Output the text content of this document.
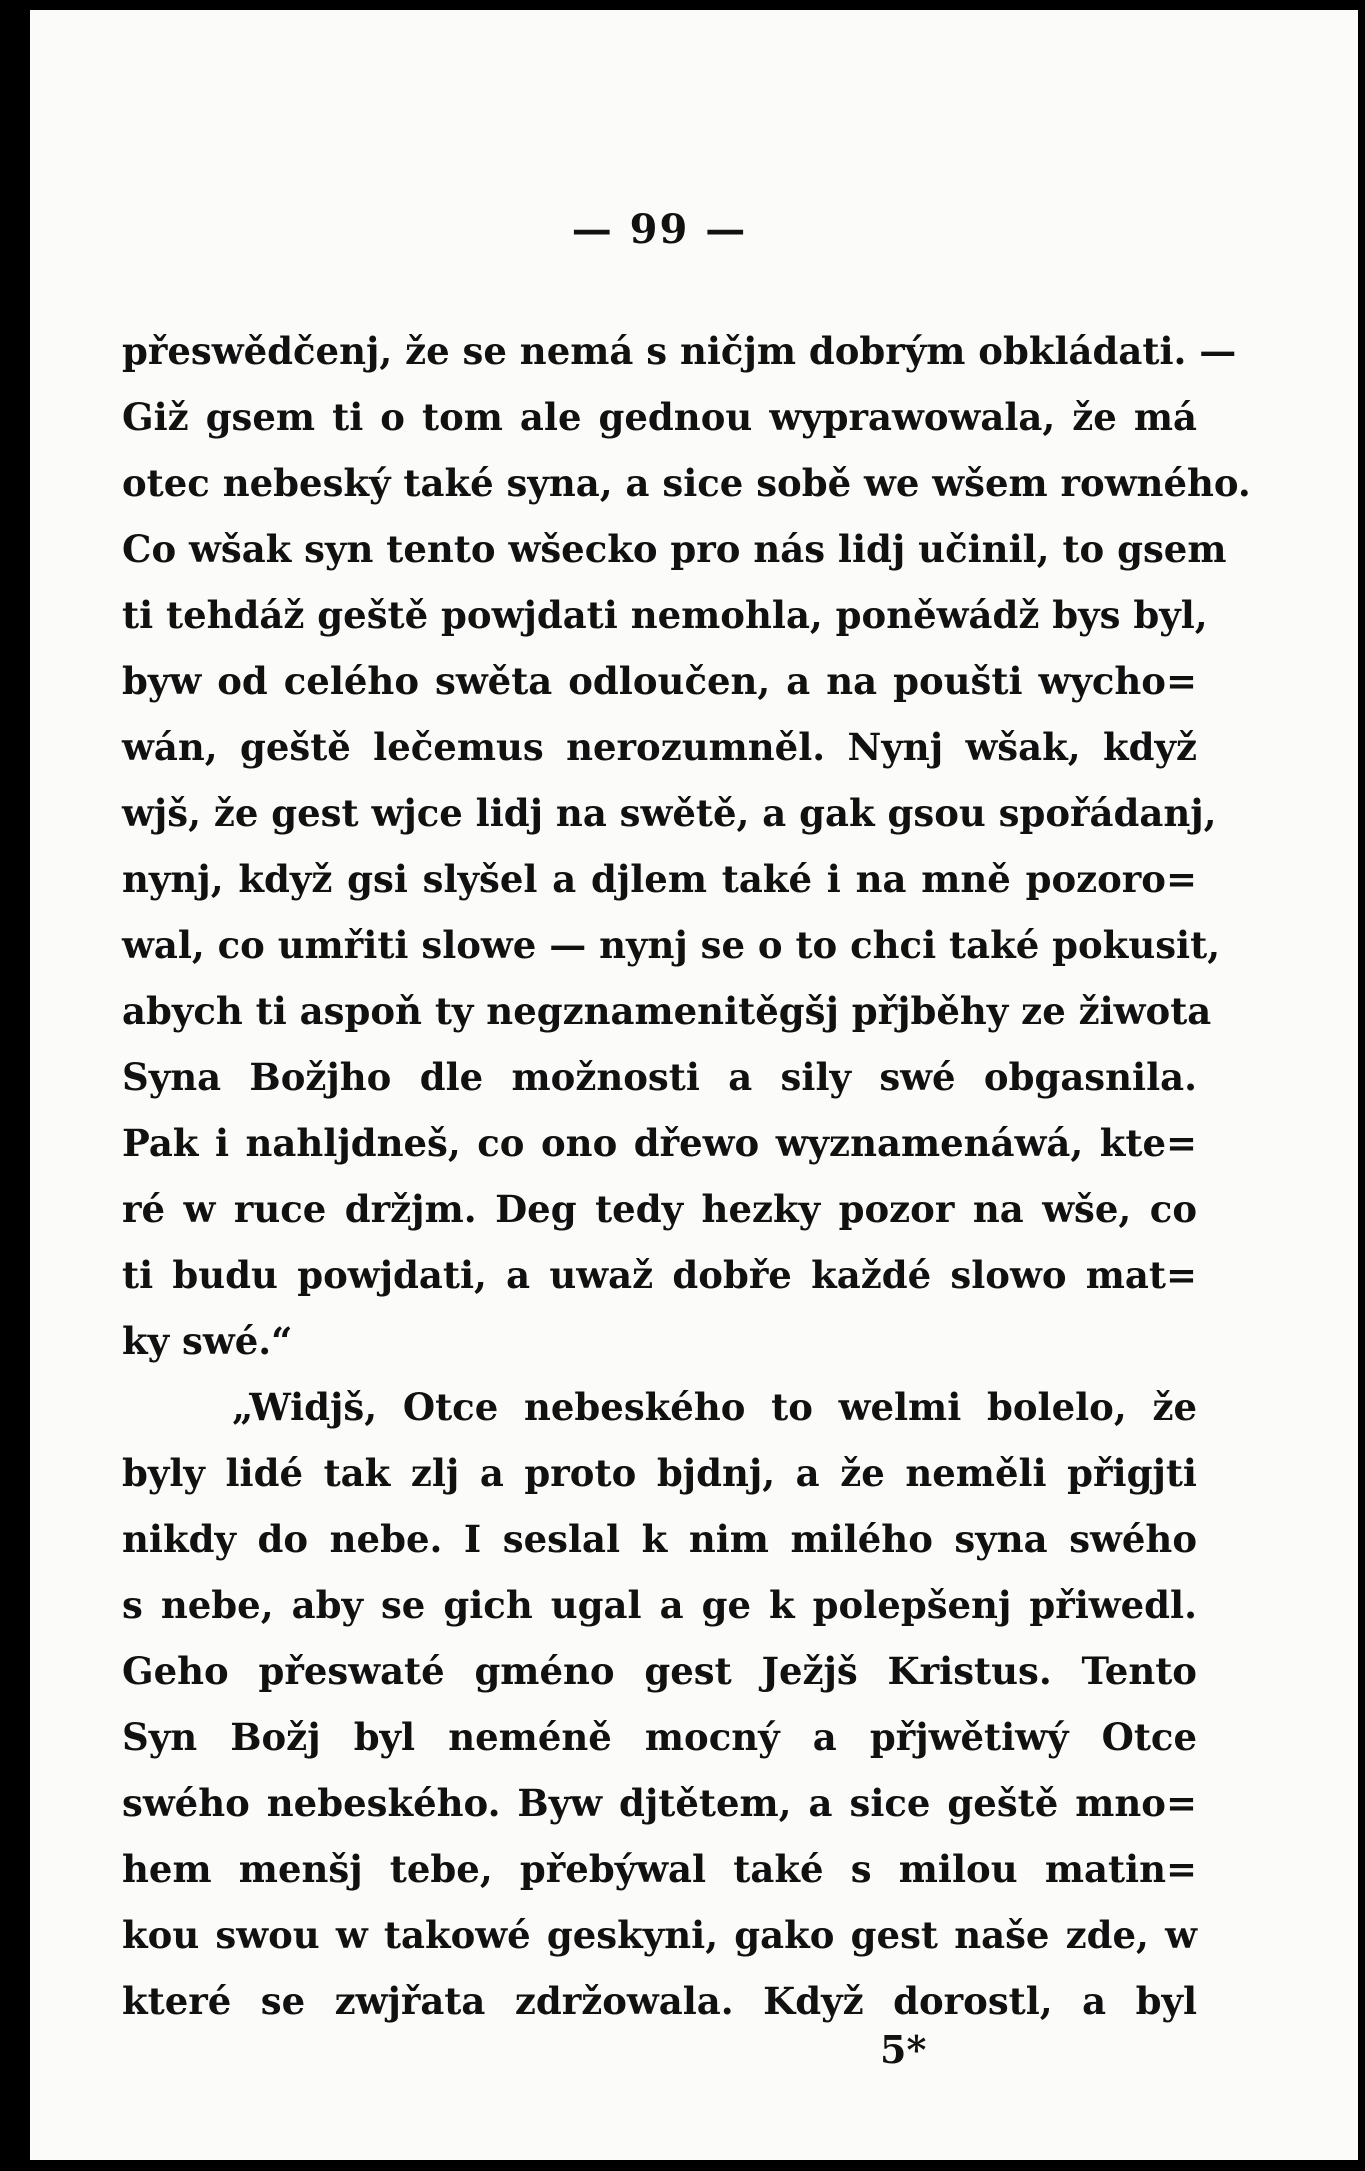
— 99 —

přeswědčenj, že se nemá s ničjm dobrým obkládati. —
Giž gsem ti o tom ale gednou wyprawowala, že má
otec nebeský také syna, a sice sobě we wšem rowného.
Co wšak syn tento wšecko pro nás lidj učinil, to gsem
ti tehdáž geště powjdati nemohla, poněwádž bys byl,
byw od celého swěta odloučen, a na poušti wycho=
wán, geště lečemus nerozumněl. Nynj wšak, když
wjš, že gest wjce lidj na swětě, a gak gsou spořádanj,
nynj, když gsi slyšel a djlem také i na mně pozoro=
wal, co umřiti slowe — nynj se o to chci také pokusit,
abych ti aspoň ty negznamenitěgšj přjběhy ze žiwota
Syna Božjho dle možnosti a sily swé obgasnila.
Pak i nahljdneš, co ono dřewo wyznamenáwá, kte=
ré w ruce držjm. Deg tedy hezky pozor na wše, co
ti budu powjdati, a uwaž dobře každé slowo mat=
ky swé.“

„Widjš, Otce nebeského to welmi bolelo, že
byly lidé tak zlj a proto bjdnj, a že neměli přigjti
nikdy do nebe. I seslal k nim milého syna swého
s nebe, aby se gich ugal a ge k polepšenj přiwedl.
Geho přeswaté gméno gest Ježjš Kristus. Tento
Syn Božj byl neméně mocný a přjwětiwý Otce
swého nebeského. Byw djtětem, a sice geště mno=
hem menšj tebe, přebýwal také s milou matin=
kou swou w takowé geskyni, gako gest naše zde, w
které se zwjřata zdržowala. Když dorostl, a byl

5*
